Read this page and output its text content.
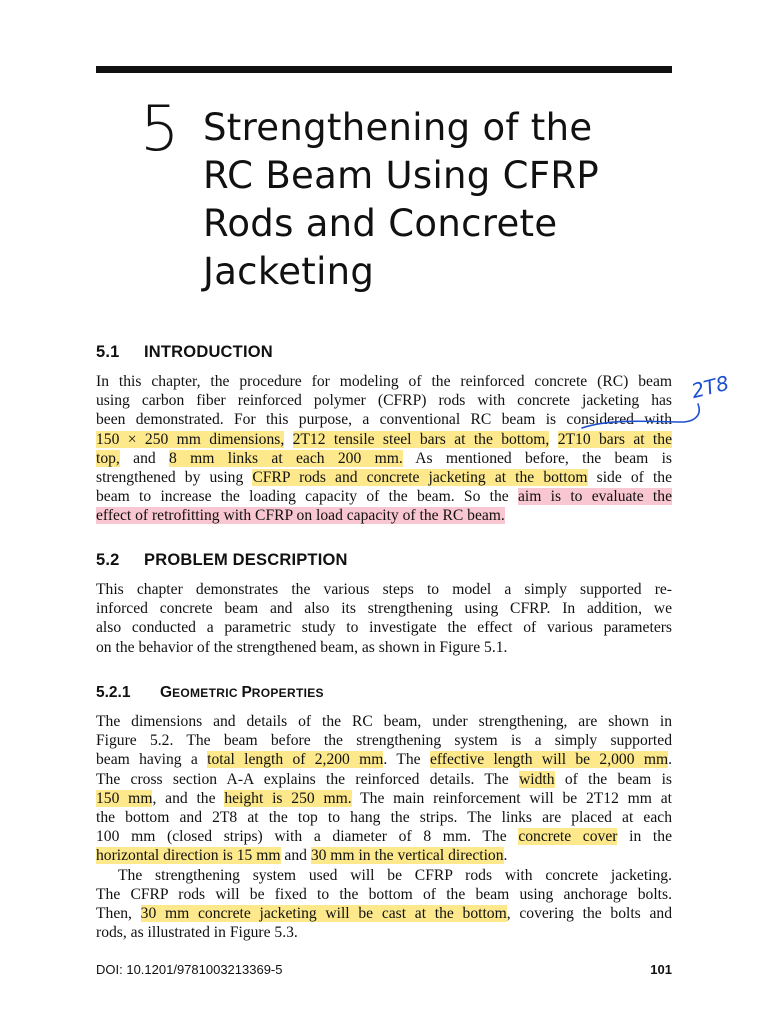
5 Strengthening of the
RC Beam Using CFRP
Rods and Concrete
Jacketing
5.1 INTRODUCTION
In this chapter, the procedure for modeling of the reinforced concrete (RC) beam
using carbon fiber reinforced polymer (CFRP) rods with concrete jacketing has
been demonstrated. For this purpose, a conventional RC beam is considered with
150 × 250 mm dimensions, 2T12 tensile steel bars at the bottom, 2T10 bars at the
top, and 8 mm links at each 200 mm. As mentioned before, the beam is
strengthened by using CFRP rods and concrete jacketing at the bottom side of the
beam to increase the loading capacity of the beam. So the aim is to evaluate the
effect of retrofitting with CFRP on load capacity of the RC beam.
2T8
5.2 PROBLEM DESCRIPTION
This chapter demonstrates the various steps to model a simply supported re-
inforced concrete beam and also its strengthening using CFRP. In addition, we
also conducted a parametric study to investigate the effect of various parameters
on the behavior of the strengthened beam, as shown in Figure 5.1.
5.2.1 GEOMETRIC PROPERTIES
The dimensions and details of the RC beam, under strengthening, are shown in
Figure 5.2. The beam before the strengthening system is a simply supported
beam having a total length of 2,200 mm. The effective length will be 2,000 mm.
The cross section A-A explains the reinforced details. The width of the beam is
150 mm, and the height is 250 mm. The main reinforcement will be 2T12 mm at
the bottom and 2T8 at the top to hang the strips. The links are placed at each
100 mm (closed strips) with a diameter of 8 mm. The concrete cover in the
horizontal direction is 15 mm and 30 mm in the vertical direction.
The strengthening system used will be CFRP rods with concrete jacketing.
The CFRP rods will be fixed to the bottom of the beam using anchorage bolts.
Then, 30 mm concrete jacketing will be cast at the bottom, covering the bolts and
rods, as illustrated in Figure 5.3.
DOI: 10.1201/9781003213369-5	101
